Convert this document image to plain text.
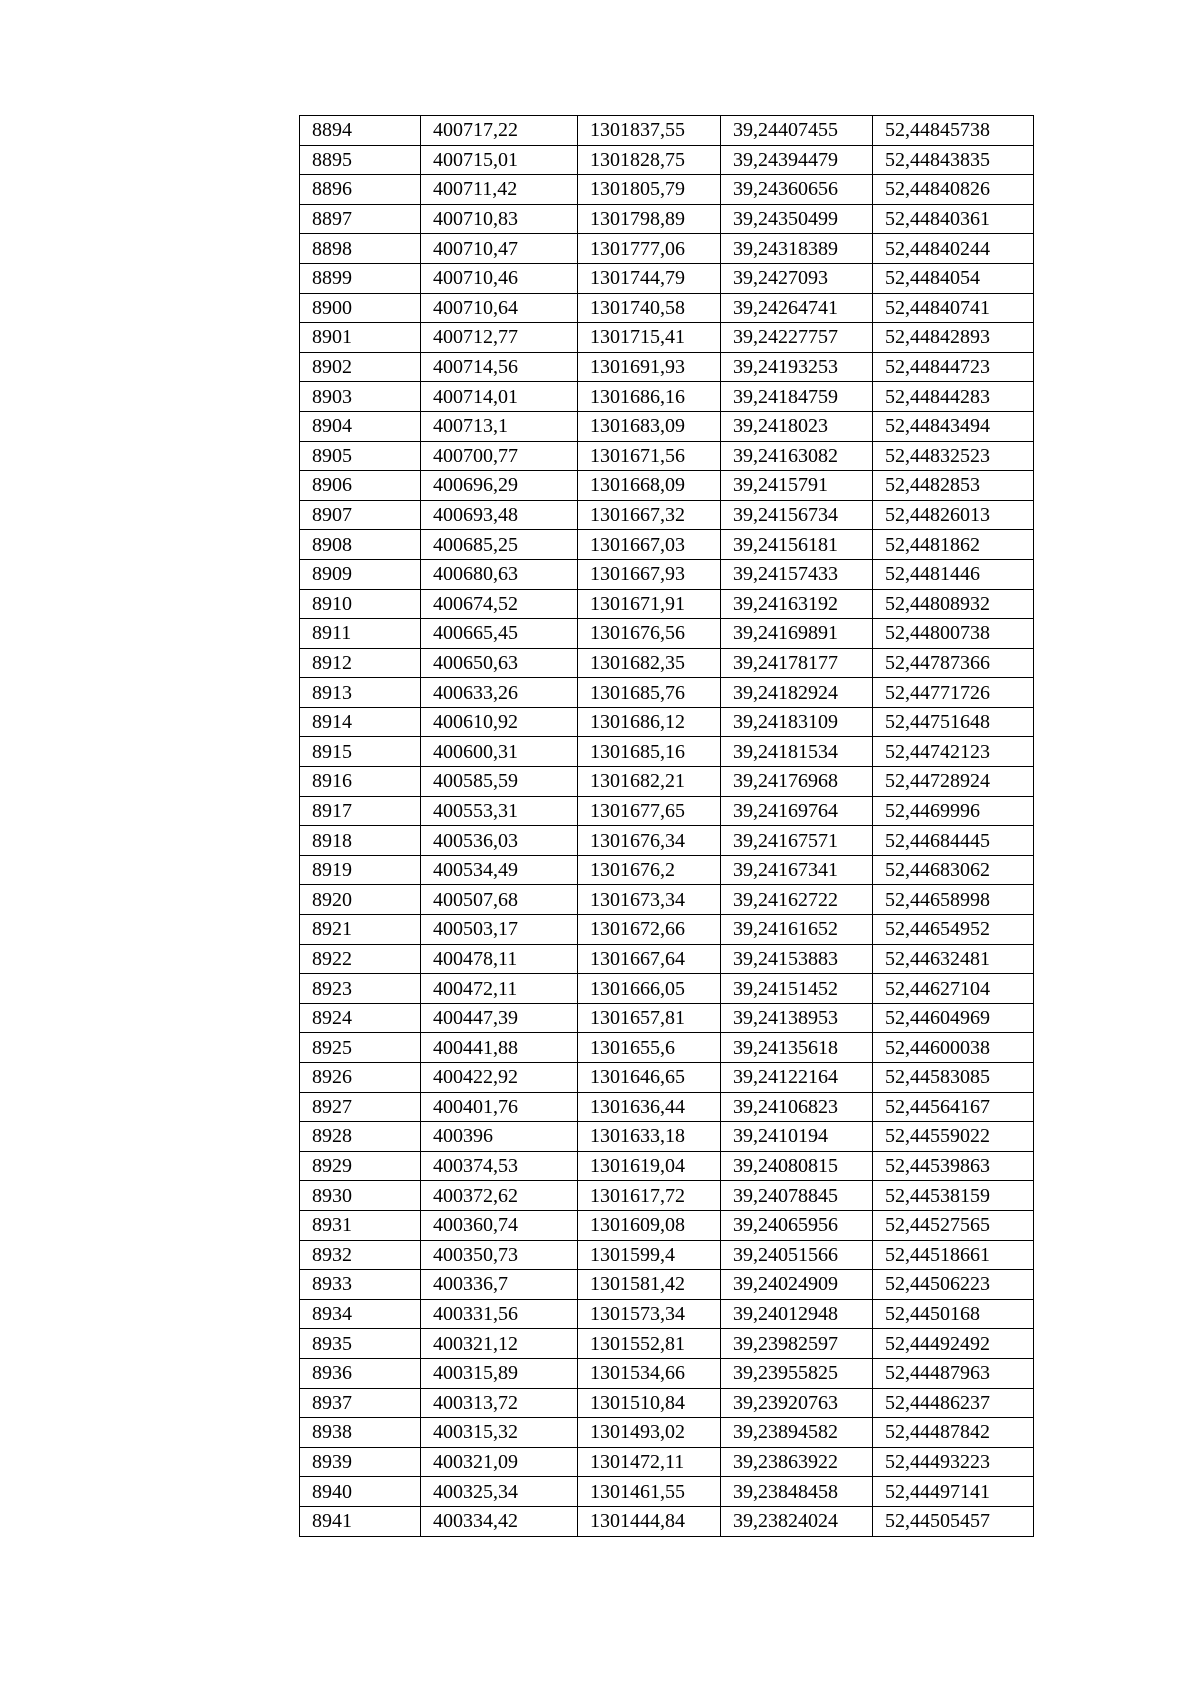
8894	400717,22	1301837,55	39,24407455	52,44845738
8895	400715,01	1301828,75	39,24394479	52,44843835
8896	400711,42	1301805,79	39,24360656	52,44840826
8897	400710,83	1301798,89	39,24350499	52,44840361
8898	400710,47	1301777,06	39,24318389	52,44840244
8899	400710,46	1301744,79	39,2427093	52,4484054
8900	400710,64	1301740,58	39,24264741	52,44840741
8901	400712,77	1301715,41	39,24227757	52,44842893
8902	400714,56	1301691,93	39,24193253	52,44844723
8903	400714,01	1301686,16	39,24184759	52,44844283
8904	400713,1	1301683,09	39,2418023	52,44843494
8905	400700,77	1301671,56	39,24163082	52,44832523
8906	400696,29	1301668,09	39,2415791	52,4482853
8907	400693,48	1301667,32	39,24156734	52,44826013
8908	400685,25	1301667,03	39,24156181	52,4481862
8909	400680,63	1301667,93	39,24157433	52,4481446
8910	400674,52	1301671,91	39,24163192	52,44808932
8911	400665,45	1301676,56	39,24169891	52,44800738
8912	400650,63	1301682,35	39,24178177	52,44787366
8913	400633,26	1301685,76	39,24182924	52,44771726
8914	400610,92	1301686,12	39,24183109	52,44751648
8915	400600,31	1301685,16	39,24181534	52,44742123
8916	400585,59	1301682,21	39,24176968	52,44728924
8917	400553,31	1301677,65	39,24169764	52,4469996
8918	400536,03	1301676,34	39,24167571	52,44684445
8919	400534,49	1301676,2	39,24167341	52,44683062
8920	400507,68	1301673,34	39,24162722	52,44658998
8921	400503,17	1301672,66	39,24161652	52,44654952
8922	400478,11	1301667,64	39,24153883	52,44632481
8923	400472,11	1301666,05	39,24151452	52,44627104
8924	400447,39	1301657,81	39,24138953	52,44604969
8925	400441,88	1301655,6	39,24135618	52,44600038
8926	400422,92	1301646,65	39,24122164	52,44583085
8927	400401,76	1301636,44	39,24106823	52,44564167
8928	400396	1301633,18	39,2410194	52,44559022
8929	400374,53	1301619,04	39,24080815	52,44539863
8930	400372,62	1301617,72	39,24078845	52,44538159
8931	400360,74	1301609,08	39,24065956	52,44527565
8932	400350,73	1301599,4	39,24051566	52,44518661
8933	400336,7	1301581,42	39,24024909	52,44506223
8934	400331,56	1301573,34	39,24012948	52,4450168
8935	400321,12	1301552,81	39,23982597	52,44492492
8936	400315,89	1301534,66	39,23955825	52,44487963
8937	400313,72	1301510,84	39,23920763	52,44486237
8938	400315,32	1301493,02	39,23894582	52,44487842
8939	400321,09	1301472,11	39,23863922	52,44493223
8940	400325,34	1301461,55	39,23848458	52,44497141
8941	400334,42	1301444,84	39,23824024	52,44505457
